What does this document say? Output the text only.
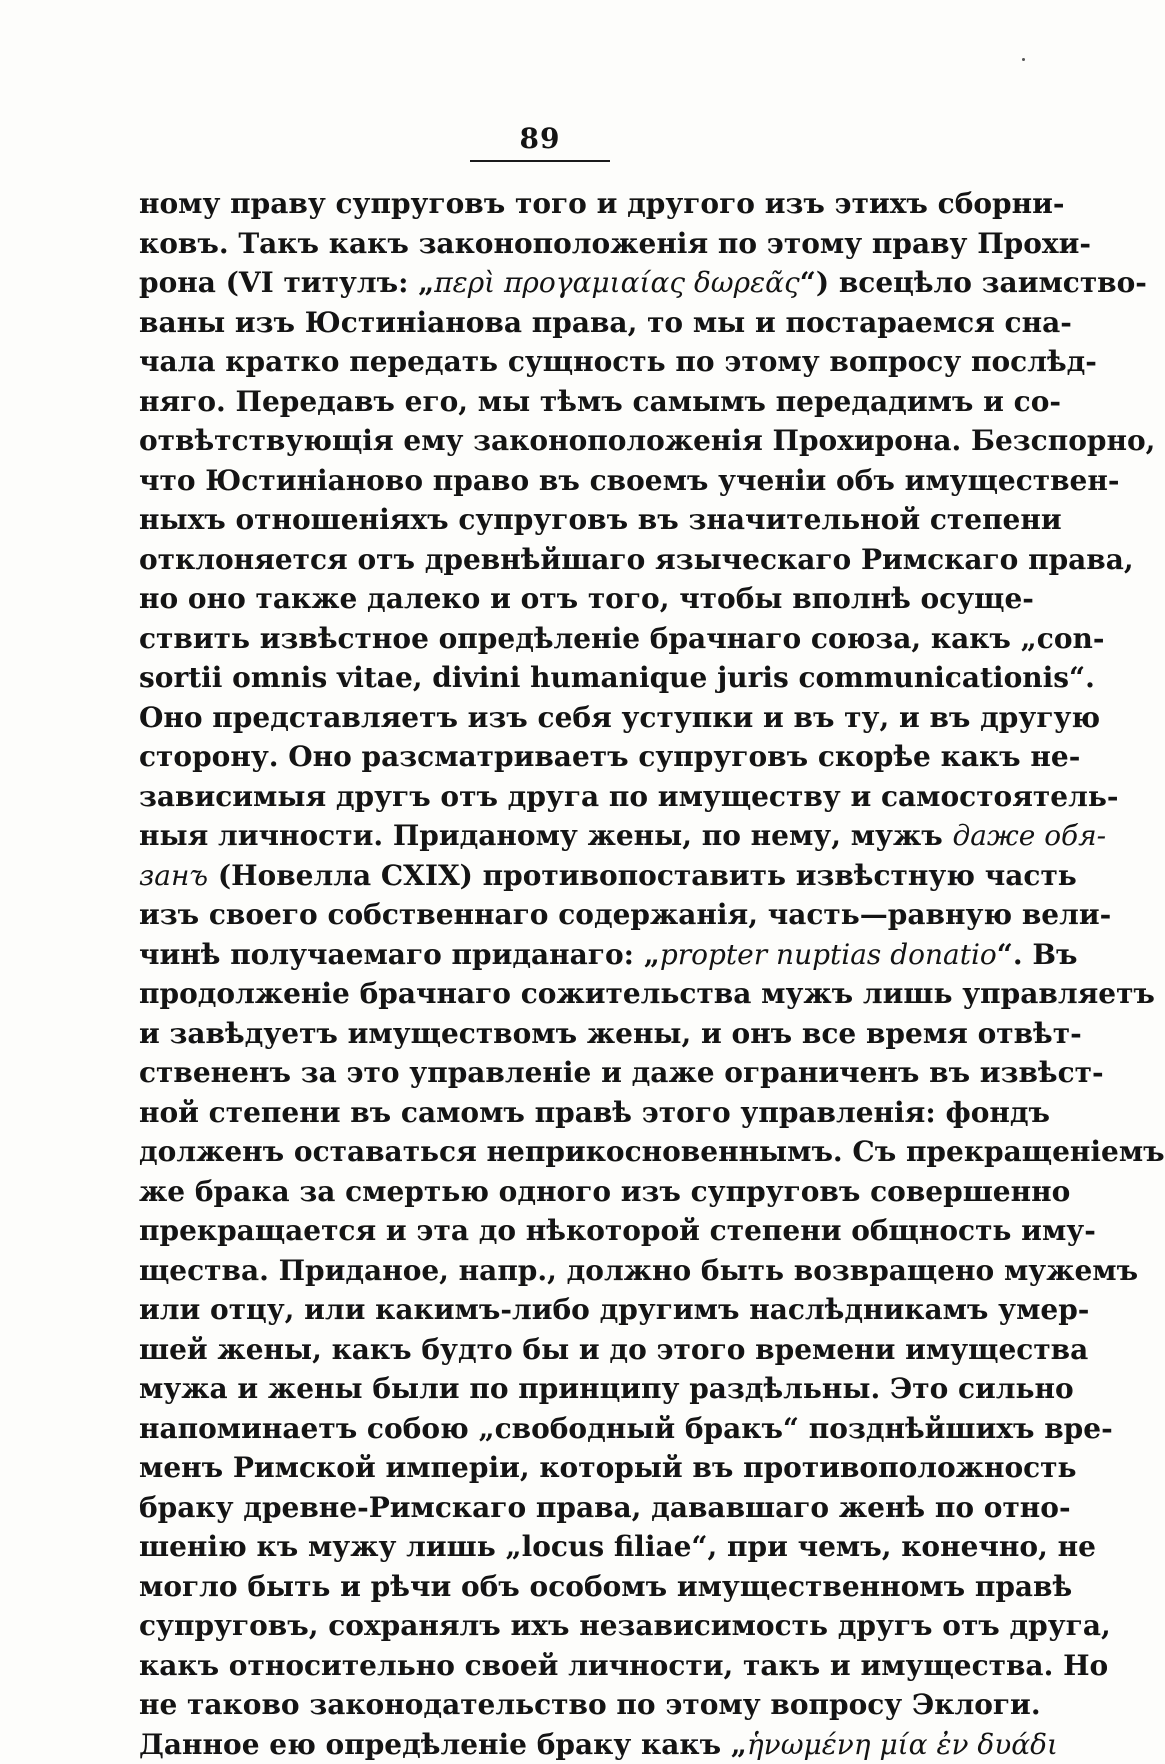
89
ному праву супруговъ того и другого изъ этихъ сборни-
ковъ. Такъ какъ законоположенія по этому праву Прохи-
рона (VI титулъ: „περὶ προγαμιαίας δωρεᾶς“) всецѣло заимство-
ваны изъ Юстиніанова права, то мы и постараемся сна-
чала кратко передать сущность по этому вопросу послѣд-
няго. Передавъ его, мы тѣмъ самымъ передадимъ и со-
отвѣтствующія ему законоположенія Прохирона. Безспорно,
что Юстиніаново право въ своемъ ученіи объ имуществен-
ныхъ отношеніяхъ супруговъ въ значительной степени
отклоняется отъ древнѣйшаго языческаго Римскаго права,
но оно также далеко и отъ того, чтобы вполнѣ осуще-
ствить извѣстное опредѣленіе брачнаго союза, какъ „con-
sortii omnis vitae, divini humanique juris communicationis“.
Оно представляетъ изъ себя уступки и въ ту, и въ другую
сторону. Оно разсматриваетъ супруговъ скорѣе какъ не-
зависимыя другъ отъ друга по имуществу и самостоятель-
ныя личности. Приданому жены, по нему, мужъ даже обя-
занъ (Новелла CXIX) противопоставить извѣстную часть
изъ своего собственнаго содержанія, часть—равную вели-
чинѣ получаемаго приданаго: „propter nuptias donatio“. Въ
продолженіе брачнаго сожительства мужъ лишь управляетъ
и завѣдуетъ имуществомъ жены, и онъ все время отвѣт-
ствененъ за это управленіе и даже ограниченъ въ извѣст-
ной степени въ самомъ правѣ этого управленія: фондъ
долженъ оставаться неприкосновеннымъ. Съ прекращеніемъ
же брака за смертью одного изъ супруговъ совершенно
прекращается и эта до нѣкоторой степени общность иму-
щества. Приданое, напр., должно быть возвращено мужемъ
или отцу, или какимъ-либо другимъ наслѣдникамъ умер-
шей жены, какъ будто бы и до этого времени имущества
мужа и жены были по принципу раздѣльны. Это сильно
напоминаетъ собою „свободный бракъ“ позднѣйшихъ вре-
менъ Римской имперіи, который въ противоположность
браку древне-Римскаго права, дававшаго женѣ по отно-
шенію къ мужу лишь „locus filiae“, при чемъ, конечно, не
могло быть и рѣчи объ особомъ имущественномъ правѣ
супруговъ, сохранялъ ихъ независимость другъ отъ друга,
какъ относительно своей личности, такъ и имущества. Но
не таково законодательство по этому вопросу Эклоги.
Данное ею опредѣленіе браку какъ „ἡνωμένη μία ἐν δυάδι
